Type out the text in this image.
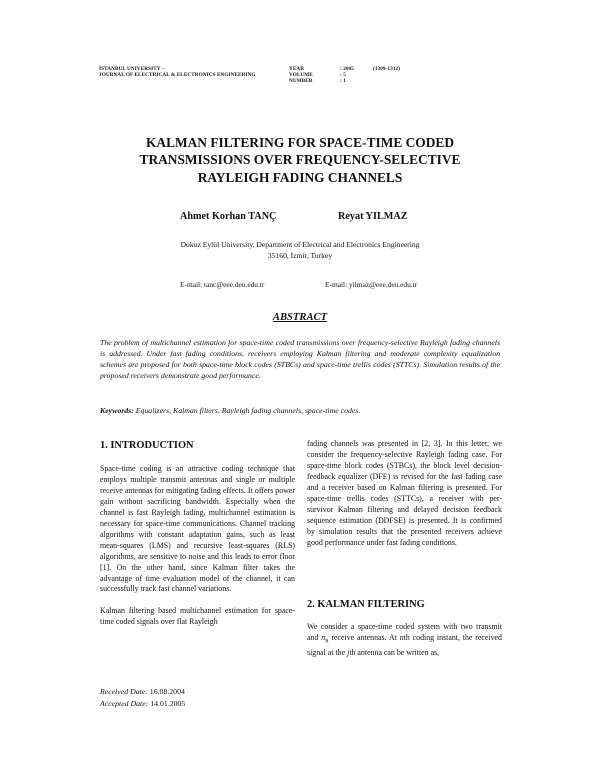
İSTANBUL UNIVERSITY –
JOURNAL OF ELECTRICAL & ELECTRONICS ENGINEERING
YEAR	: 2005	(1309-1312)
VOLUME	: 5
NUMBER	: 1
KALMAN FILTERING FOR SPACE-TIME CODED
TRANSMISSIONS OVER FREQUENCY-SELECTIVE
RAYLEIGH FADING CHANNELS
Ahmet Korhan TANÇ	Reyat YILMAZ
Dokuz Eylül University, Department of Electrical and Electronics Engineering
35160, İzmir, Turkey
E-mail: tanc@eee.deu.edu.tr	E-mail: yilmaz@eee.deu.edu.tr
ABSTRACT
The problem of multichannel estimation for space-time coded transmissions over frequency-selective Rayleigh fading channels is addressed. Under fast fading conditions, receivers employing Kalman filtering and moderate complexity equalization schemes are proposed for both space-time block codes (STBCs) and space-time trellis codes (STTCs). Simulation results of the proposed receivers demonstrate good performance.
Keywords: Equalizers, Kalman filters, Rayleigh fading channels, space-time codes.
1. INTRODUCTION

Space-time coding is an attractive coding technique that employs multiple transmit antennas and single or multiple receive antennas for mitigating fading effects. It offers power gain without sacrificing bandwidth. Especially when the channel is fast Rayleigh fading, multichannel estimation is necessary for space-time communications. Channel tracking algorithms with constant adaptation gains, such as least mean-squares (LMS) and recursive least-squares (RLS) algorithms, are sensitive to noise and this leads to error floor [1]. On the other hand, since Kalman filter takes the advantage of time evaluation model of the channel, it can successfully track fast channel variations.

Kalman filtering based multichannel estimation for space-time coded signals over flat Rayleigh

fading channels was presented in [2, 3]. In this letter, we consider the frequency-selective Rayleigh fading case. For space-time block codes (STBCs), the block level decision-feedback equalizer (DFE) is revised for the fast fading case and a receiver based on Kalman filtering is presented. For space-time trellis codes (STTCs), a receiver with per-survivor Kalman filtering and delayed decision feedback sequence estimation (DDFSE) is presented. It is confirmed by simulation results that the presented receivers achieve good performance under fast fading conditions.

2. KALMAN FILTERING

We consider a space-time coded system with two transmit and $n_R$ receive antennas. At nth coding instant, the received signal at the jth antenna can be written as,

Received Date: 16.08.2004
Accepted Date: 14.01.2005
